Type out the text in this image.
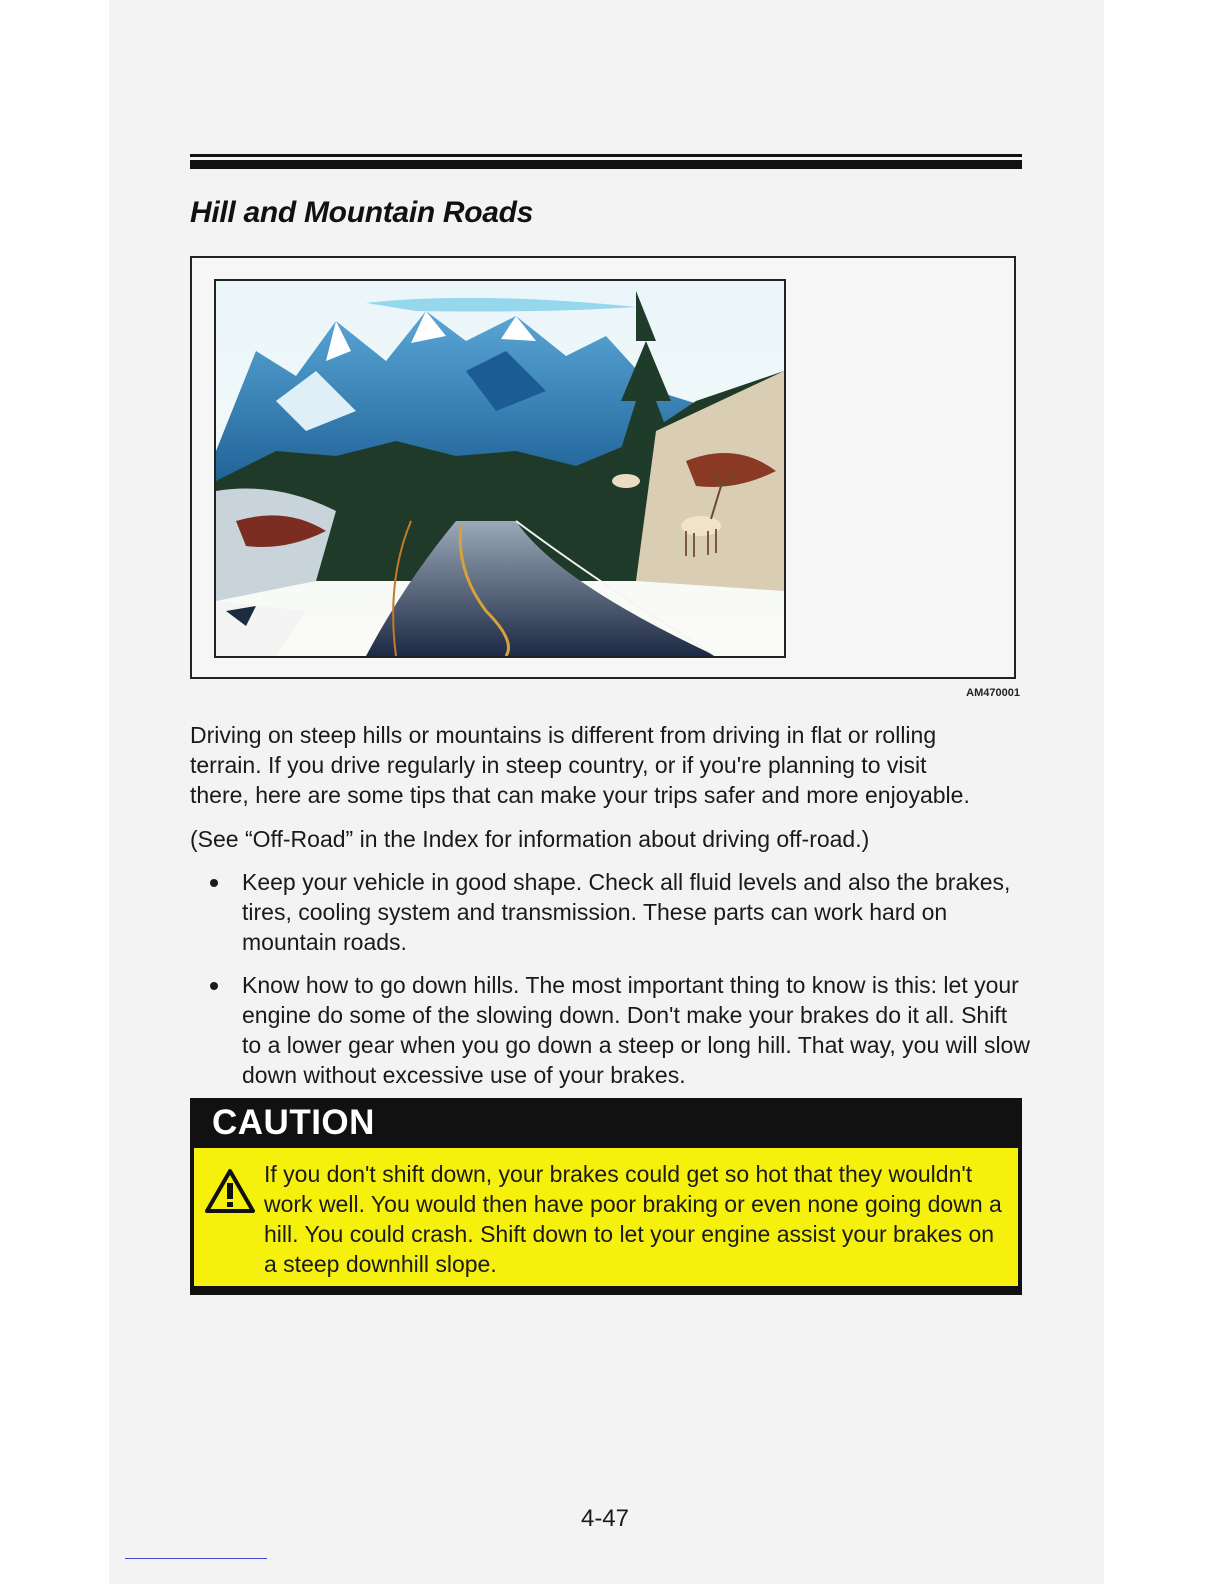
Hill and Mountain Roads
AM470001

Driving on steep hills or mountains is different from driving in flat or rolling terrain. If you drive regularly in steep country, or if you're planning to visit there, here are some tips that can make your trips safer and more enjoyable.

(See “Off-Road” in the Index for information about driving off-road.)

Keep your vehicle in good shape. Check all fluid levels and also the brakes, tires, cooling system and transmission. These parts can work hard on mountain roads.
Know how to go down hills. The most important thing to know is this: let your engine do some of the slowing down. Don't make your brakes do it all. Shift to a lower gear when you go down a steep or long hill. That way, you will slow down without excessive use of your brakes.
CAUTION

If you don't shift down, your brakes could get so hot that they wouldn't work well. You would then have poor braking or even none going down a hill. You could crash. Shift down to let your engine assist your brakes on a steep downhill slope.

4-47
